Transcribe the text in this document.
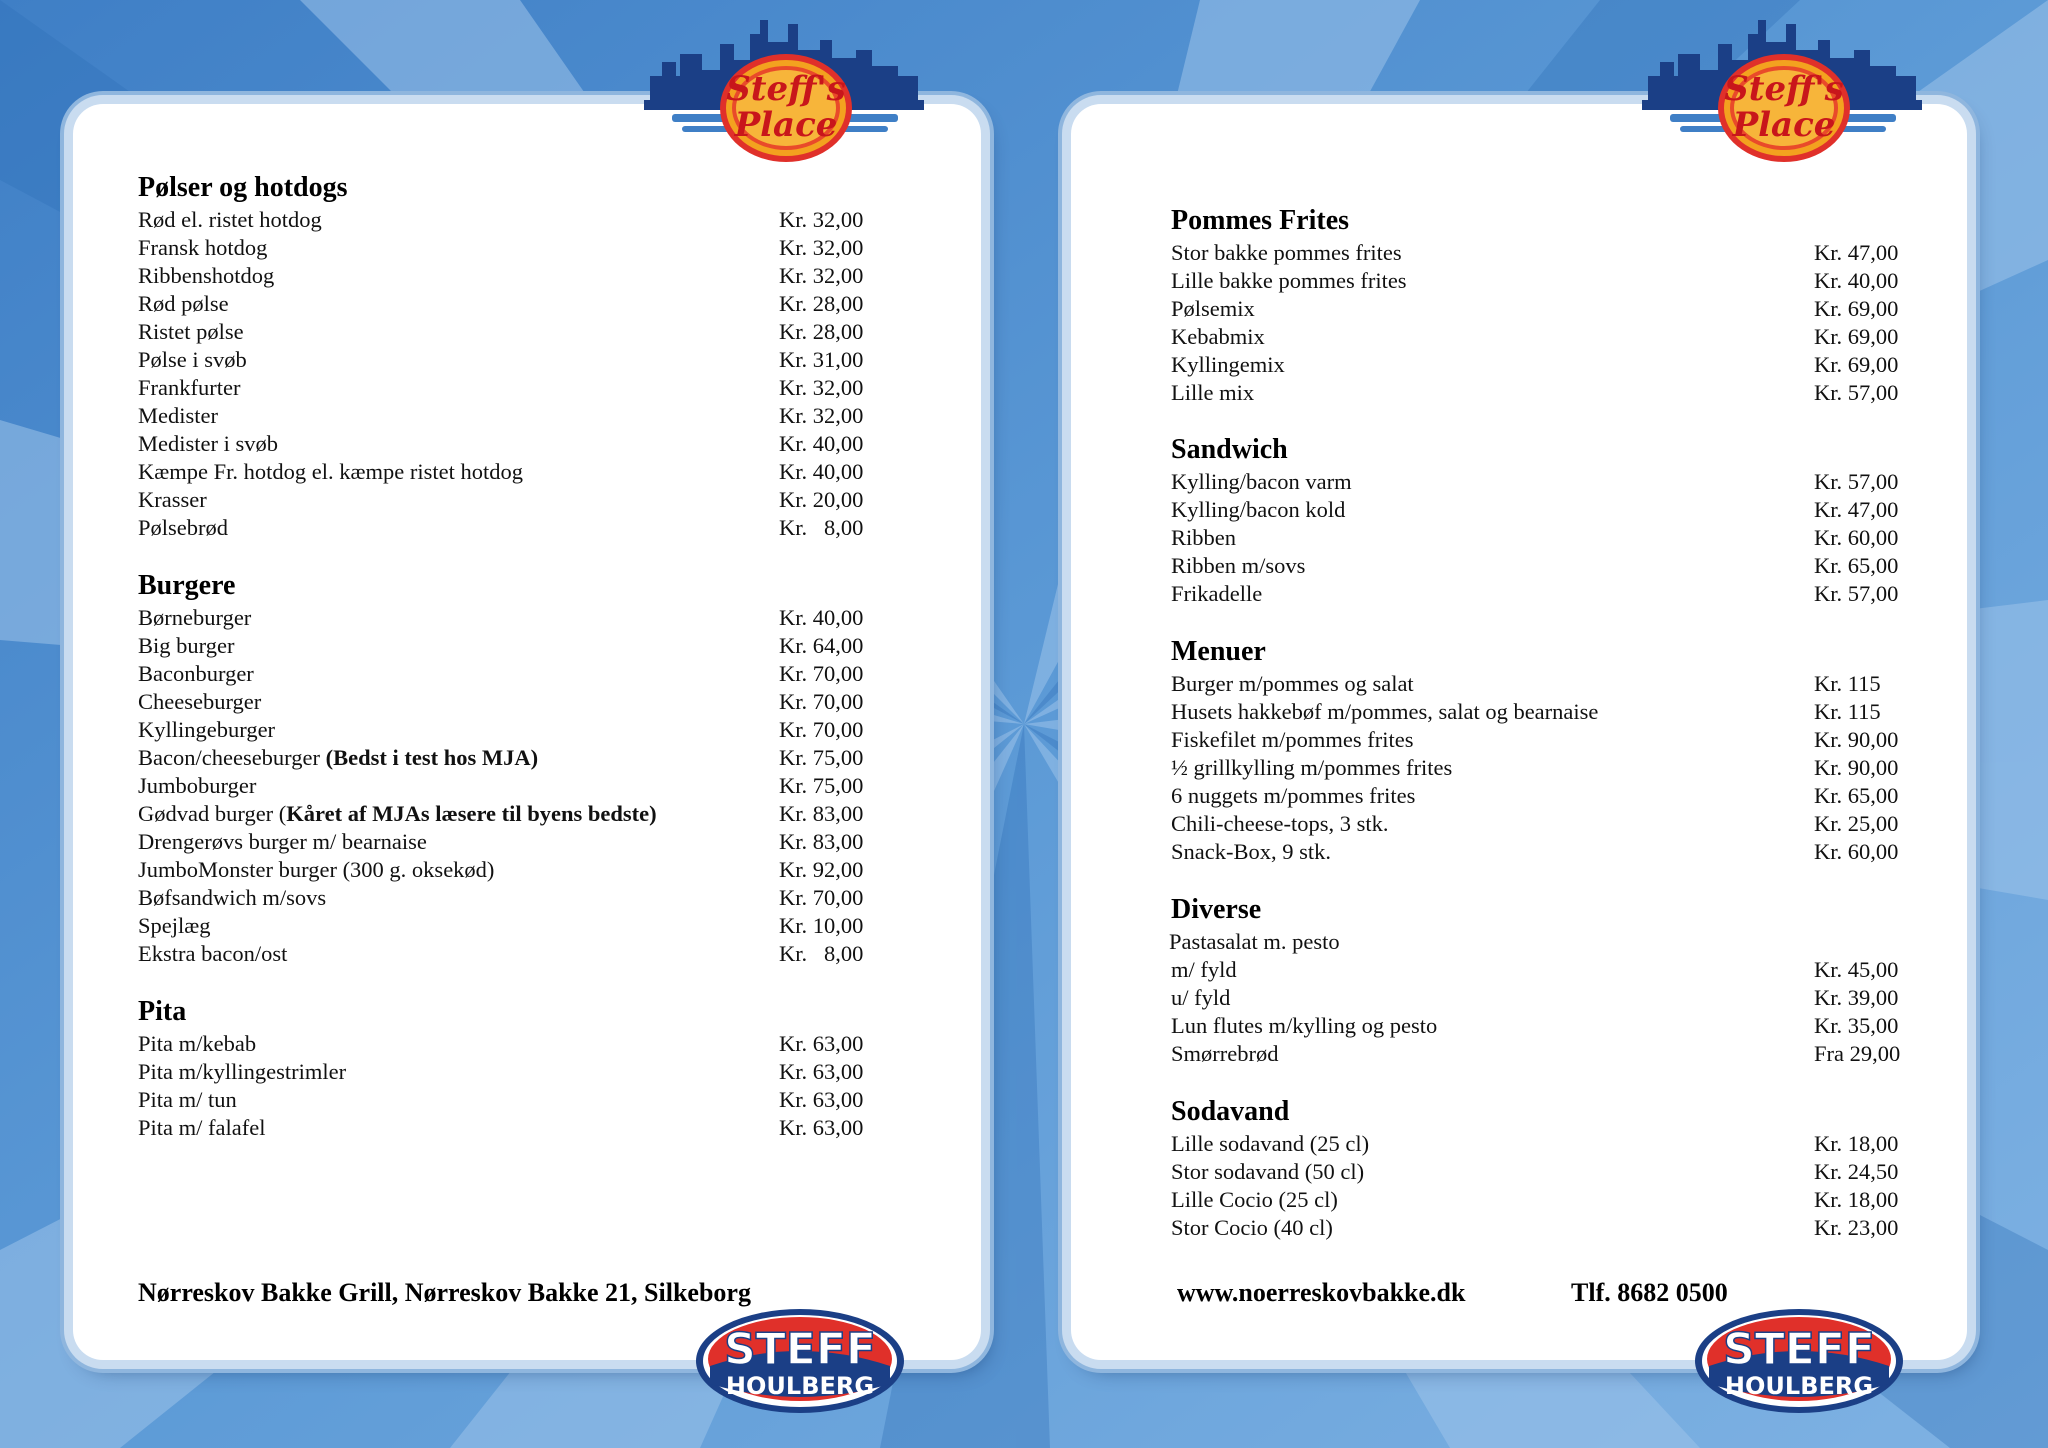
Pølser og hotdogs
Rød el. ristet hotdog	Kr. 32,00
Fransk hotdog	Kr. 32,00
Ribbenshotdog	Kr. 32,00
Rød pølse	Kr. 28,00
Ristet pølse	Kr. 28,00
Pølse i svøb	Kr. 31,00
Frankfurter	Kr. 32,00
Medister	Kr. 32,00
Medister i svøb	Kr. 40,00
Kæmpe Fr. hotdog el. kæmpe ristet hotdog	Kr. 40,00
Krasser	Kr. 20,00
Pølsebrød	Kr.   8,00
Burgere
Børneburger	Kr. 40,00
Big burger	Kr. 64,00
Baconburger	Kr. 70,00
Cheeseburger	Kr. 70,00
Kyllingeburger	Kr. 70,00
Bacon/cheeseburger (Bedst i test hos MJA)	Kr. 75,00
Jumboburger	Kr. 75,00
Gødvad burger (Kåret af MJAs læsere til byens bedste)	Kr. 83,00
Drengerøvs burger m/ bearnaise	Kr. 83,00
JumboMonster burger (300 g. oksekød)	Kr. 92,00
Bøfsandwich m/sovs	Kr. 70,00
Spejlæg	Kr. 10,00
Ekstra bacon/ost	Kr.   8,00
Pita
Pita m/kebab	Kr. 63,00
Pita m/kyllingestrimler	Kr. 63,00
Pita m/ tun	Kr. 63,00
Pita m/ falafel	Kr. 63,00
Nørreskov Bakke Grill, Nørreskov Bakke 21, Silkeborg
Pommes Frites
Stor bakke pommes frites	Kr. 47,00
Lille bakke pommes frites	Kr. 40,00
Pølsemix	Kr. 69,00
Kebabmix	Kr. 69,00
Kyllingemix	Kr. 69,00
Lille mix	Kr. 57,00
Sandwich
Kylling/bacon varm	Kr. 57,00
Kylling/bacon kold	Kr. 47,00
Ribben	Kr. 60,00
Ribben m/sovs	Kr. 65,00
Frikadelle	Kr. 57,00
Menuer
Burger m/pommes og salat	Kr. 115
Husets hakkebøf m/pommes, salat og bearnaise	Kr. 115
Fiskefilet m/pommes frites	Kr. 90,00
½ grillkylling m/pommes frites	Kr. 90,00
6 nuggets m/pommes frites	Kr. 65,00
Chili-cheese-tops, 3 stk.	Kr. 25,00
Snack-Box, 9 stk.	Kr. 60,00
Diverse
Pastasalat m. pesto
m/ fyld	Kr. 45,00
u/ fyld	Kr. 39,00
Lun flutes m/kylling og pesto	Kr. 35,00
Smørrebrød	Fra 29,00
Sodavand
Lille sodavand (25 cl)	Kr. 18,00
Stor sodavand (50 cl)	Kr. 24,50
Lille Cocio (25 cl)	Kr. 18,00
Stor Cocio (40 cl)	Kr. 23,00
www.noerreskovbakke.dk	Tlf. 8682 0500
Steff's
Place
Steff's
Place
STEFF
HOULBERG
STEFF
HOULBERG
